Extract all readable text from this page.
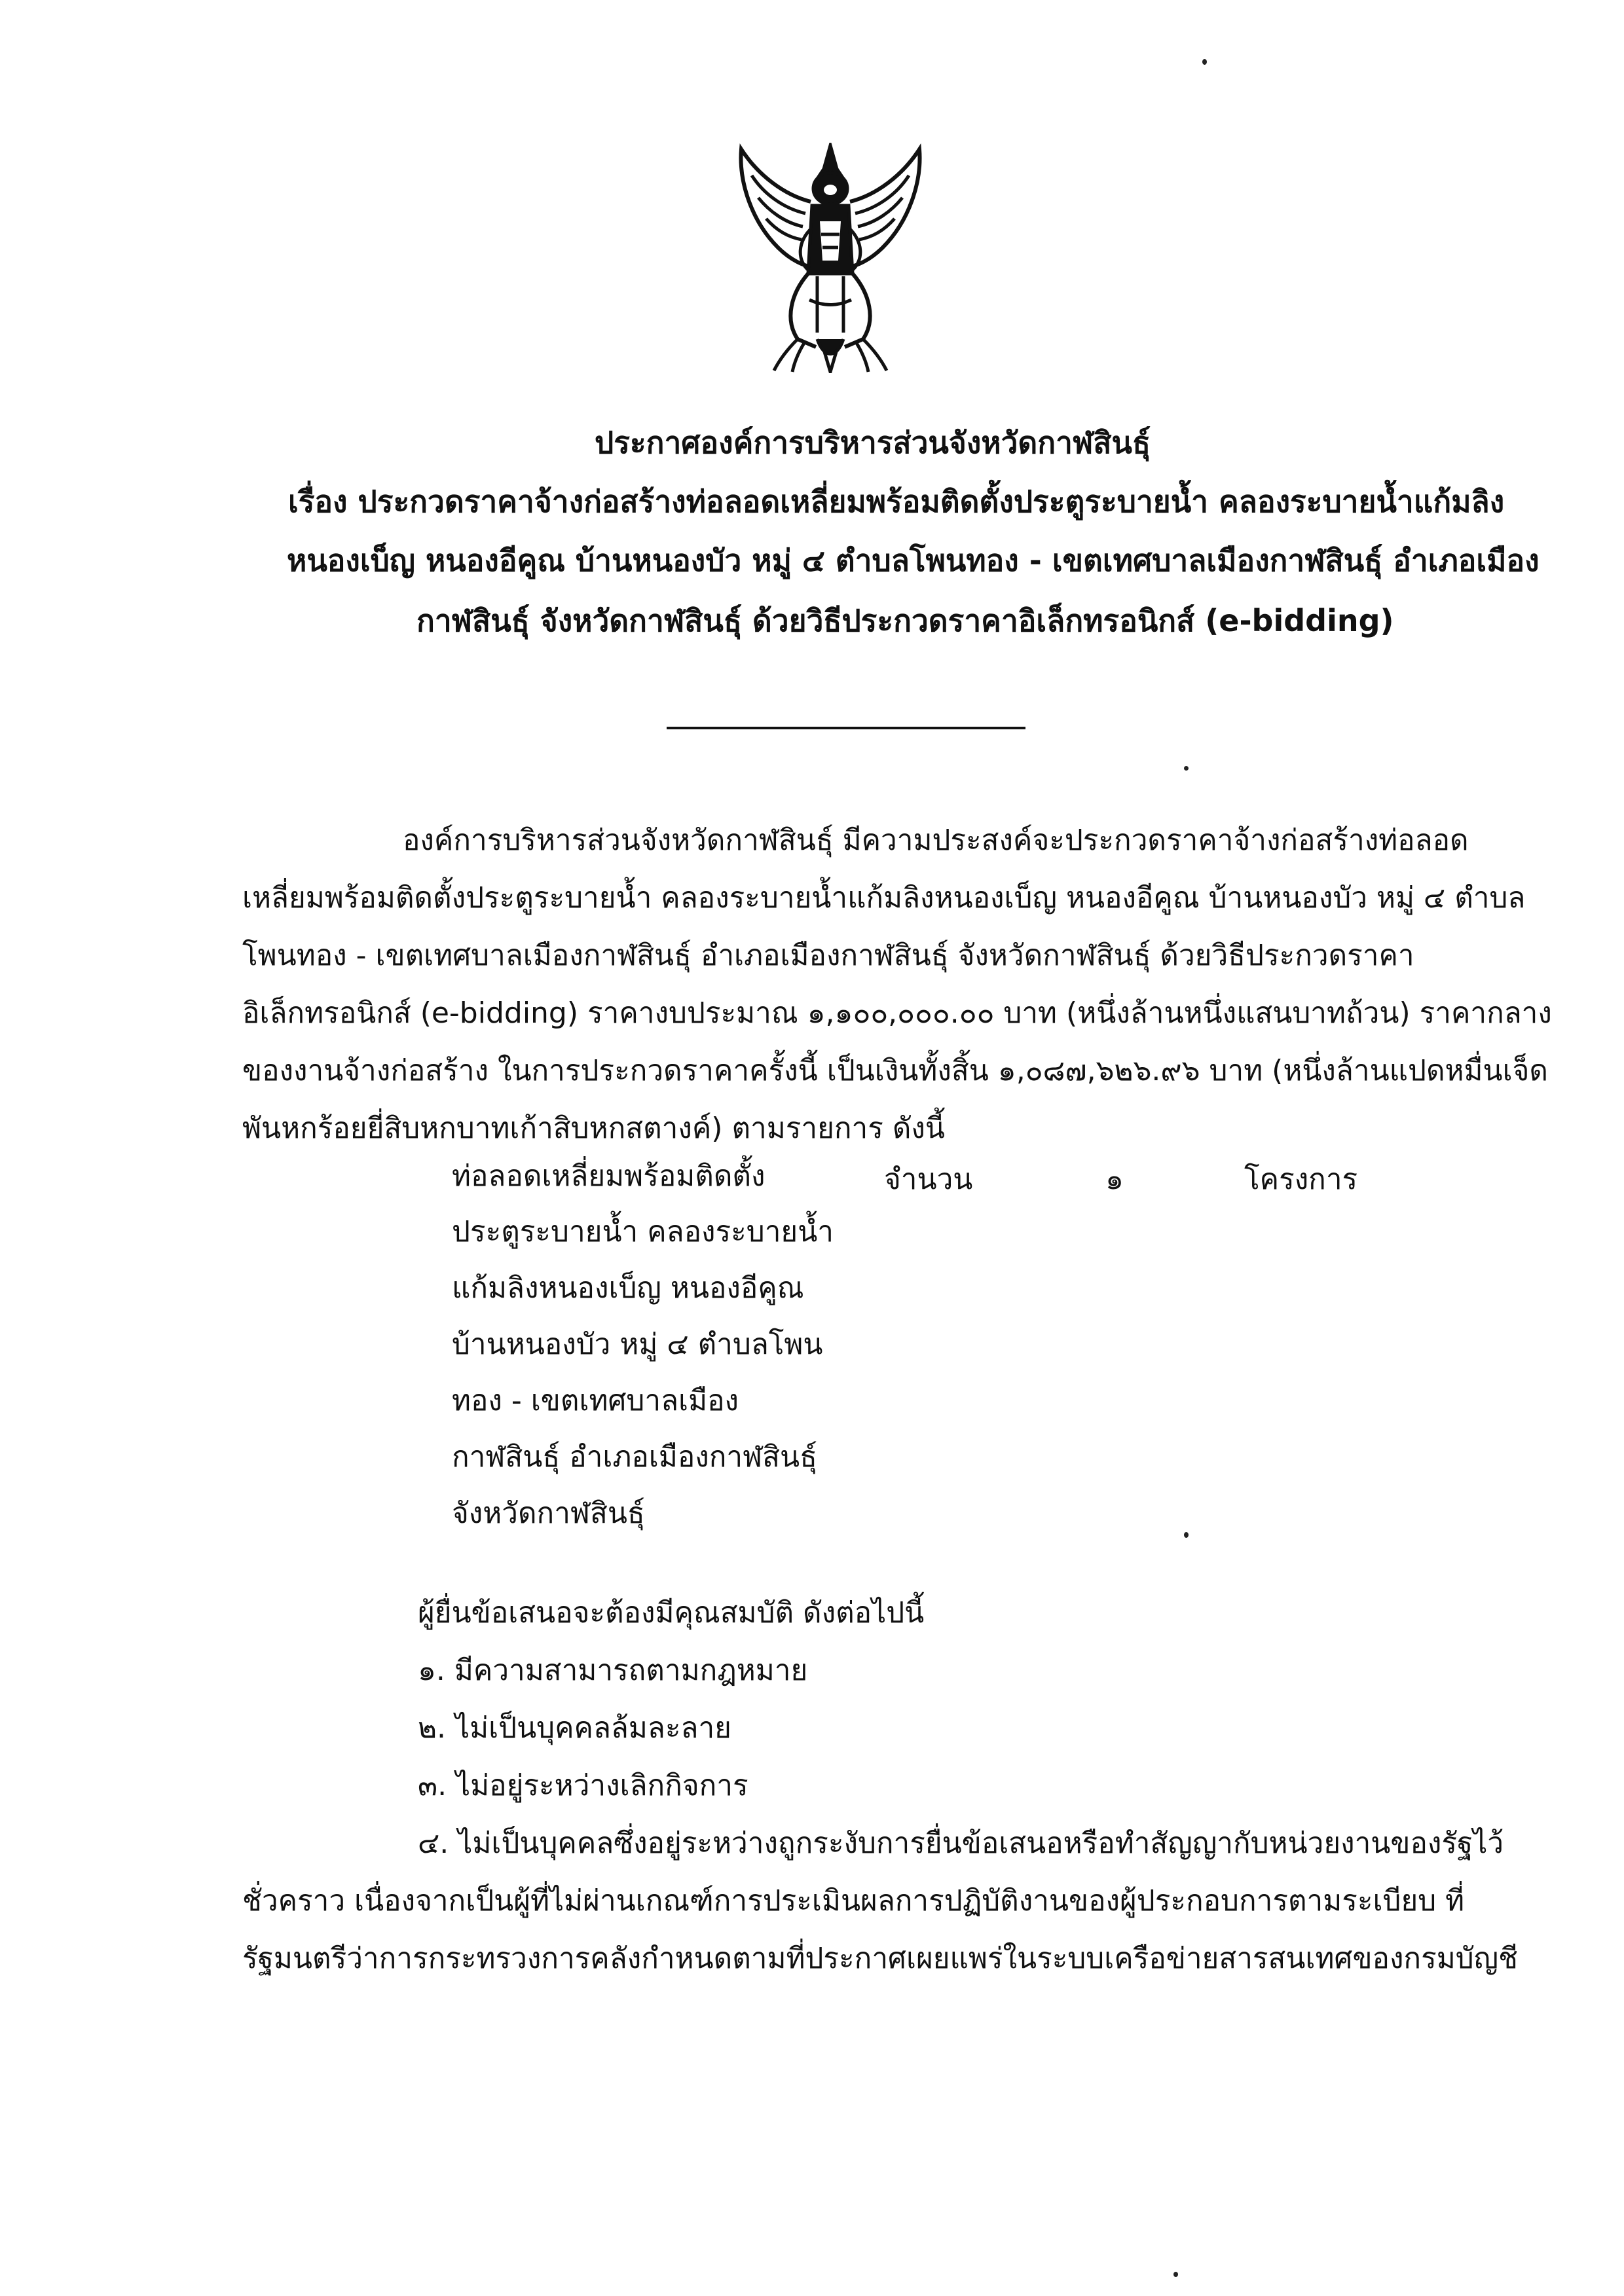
ประกาศองค์การบริหารส่วนจังหวัดกาฬสินธุ์
เรื่อง ประกวดราคาจ้างก่อสร้างท่อลอดเหลี่ยมพร้อมติดตั้งประตูระบายน้ำ คลองระบายน้ำแก้มลิง
หนองเบ็ญ หนองอีคูณ บ้านหนองบัว หมู่ ๔ ตำบลโพนทอง - เขตเทศบาลเมืองกาฬสินธุ์ อำเภอเมือง
กาฬสินธุ์ จังหวัดกาฬสินธุ์ ด้วยวิธีประกวดราคาอิเล็กทรอนิกส์ (e-bidding)
องค์การบริหารส่วนจังหวัดกาฬสินธุ์ มีความประสงค์จะประกวดราคาจ้างก่อสร้างท่อลอด
เหลี่ยมพร้อมติดตั้งประตูระบายน้ำ คลองระบายน้ำแก้มลิงหนองเบ็ญ หนองอีคูณ บ้านหนองบัว หมู่ ๔ ตำบล
โพนทอง - เขตเทศบาลเมืองกาฬสินธุ์ อำเภอเมืองกาฬสินธุ์ จังหวัดกาฬสินธุ์ ด้วยวิธีประกวดราคา
อิเล็กทรอนิกส์ (e-bidding) ราคางบประมาณ ๑,๑๐๐,๐๐๐.๐๐ บาท (หนึ่งล้านหนึ่งแสนบาทถ้วน) ราคากลาง
ของงานจ้างก่อสร้าง ในการประกวดราคาครั้งนี้ เป็นเงินทั้งสิ้น ๑,๐๘๗,๖๒๖.๙๖ บาท (หนึ่งล้านแปดหมื่นเจ็ด
พันหกร้อยยี่สิบหกบาทเก้าสิบหกสตางค์) ตามรายการ ดังนี้
ท่อลอดเหลี่ยมพร้อมติดตั้ง
ประตูระบายน้ำ คลองระบายน้ำ
แก้มลิงหนองเบ็ญ หนองอีคูณ
บ้านหนองบัว หมู่ ๔ ตำบลโพน
ทอง - เขตเทศบาลเมือง
กาฬสินธุ์ อำเภอเมืองกาฬสินธุ์
จังหวัดกาฬสินธุ์
จำนวน	๑	โครงการ
ผู้ยื่นข้อเสนอจะต้องมีคุณสมบัติ ดังต่อไปนี้
๑. มีความสามารถตามกฎหมาย
๒. ไม่เป็นบุคคลล้มละลาย
๓. ไม่อยู่ระหว่างเลิกกิจการ
๔. ไม่เป็นบุคคลซึ่งอยู่ระหว่างถูกระงับการยื่นข้อเสนอหรือทำสัญญากับหน่วยงานของรัฐไว้
ชั่วคราว เนื่องจากเป็นผู้ที่ไม่ผ่านเกณฑ์การประเมินผลการปฏิบัติงานของผู้ประกอบการตามระเบียบ ที่
รัฐมนตรีว่าการกระทรวงการคลังกำหนดตามที่ประกาศเผยแพร่ในระบบเครือข่ายสารสนเทศของกรมบัญชี
